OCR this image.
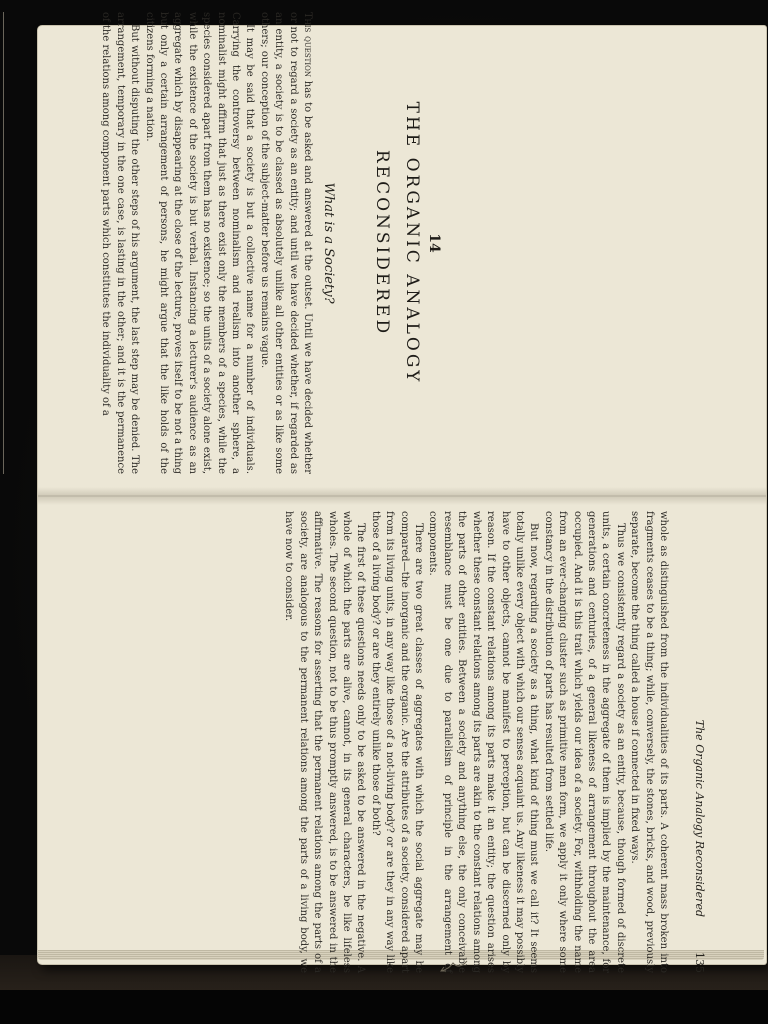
14
THE ORGANIC ANALOGY
RECONSIDERED
What is a Society?

This question has to be asked and answered at the outset. Until we have decided whether or not to regard a society as an entity; and until we have decided whether, if regarded as an entity, a society is to be classed as absolutely unlike all other entities or as like some others; our conception of the subject-matter before us remains vague.

It may be said that a society is but a collective name for a number of individuals. Carrying the controversy between nominalism and realism into another sphere, a nominalist might affirm that just as there exist only the members of a species, while the species considered apart from them has no existence; so the units of a society alone exist, while the existence of the society is but verbal. Instancing a lecturer's audience as an aggregate which by disappearing at the close of the lecture, proves itself to be not a thing but only a certain arrangement of persons, he might argue that the like holds of the citizens forming a nation.

But without disputing the other steps of his argument, the last step may be denied. The arrangement, temporary in the one case, is lasting in the other; and it is the permanence of the relations among component parts which constitutes the individuality of a

The Organic Analogy Reconsidered
135

whole as distinguished from the individualities of its parts. A coherent mass broken into fragments ceases to be a thing; while, conversely, the stones, bricks, and wood, previously separate, become the thing called a house if connected in fixed ways.

Thus we consistently regard a society as an entity, because, though formed of discrete units, a certain concreteness in the aggregate of them is implied by the maintenance, for generations and centuries, of a general likeness of arrangement throughout the area occupied. And it is this trait which yields our idea of a society. For, withholding the name from an ever-changing cluster such as primitive men form, we apply it only where some constancy in the distribution of parts has resulted from settled life.

But now, regarding a society as a thing, what kind of thing must we call it? It seems totally unlike every object with which our senses acquaint us. Any likeness it may possibly have to other objects, cannot be manifest to perception, but can be discerned only by reason. If the constant relations among its parts make it an entity; the question arises whether these constant relations among its parts are akin to the constant relations among the parts of other entities. Between a society and anything else, the only conceivable resemblance must be one due to parallelism of principle in the arrangement of components.

There are two great classes of aggregates with which the social aggregate may be compared—the inorganic and the organic. Are the attributes of a society, considered apart from its living units, in any way like those of a not-living body? or are they in any way like those of a living body? or are they entirely unlike those of both?

The first of these questions needs only to be asked to be answered in the negative. A whole of which the parts are alive, cannot, in its general characters, be like lifeless wholes. The second question, not to be thus promptly answered, is to be answered in the affirmative. The reasons for asserting that the permanent relations among the parts of a society, are analogous to the permanent relations among the parts of a living body, we have now to consider.
